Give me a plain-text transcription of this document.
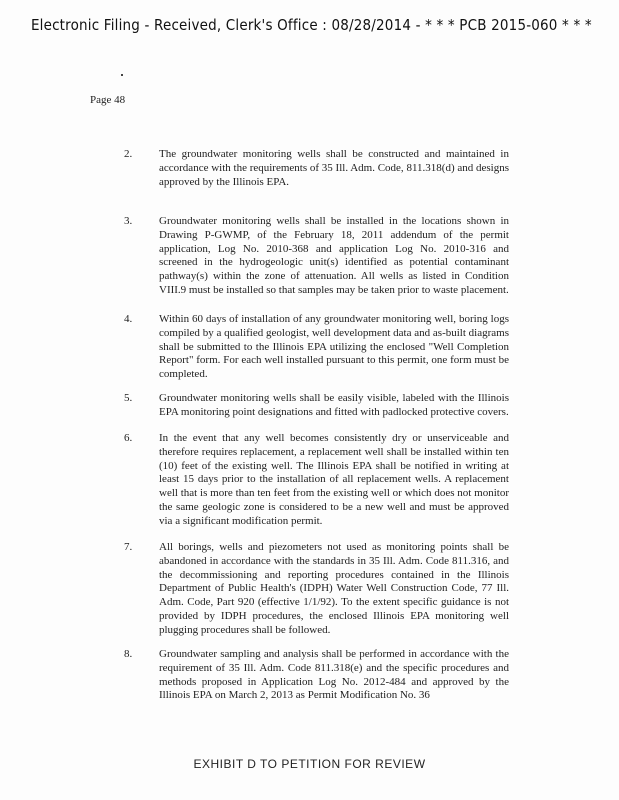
Electronic Filing - Received, Clerk's Office : 08/28/2014 - * * * PCB 2015-060 * * *
Page 48
2.	The groundwater monitoring wells shall be constructed and maintained in accordance with the requirements of 35 Ill. Adm. Code, 811.318(d) and designs approved by the Illinois EPA.
3.	Groundwater monitoring wells shall be installed in the locations shown in Drawing P-GWMP, of the February 18, 2011 addendum of the permit application, Log No. 2010-368 and application Log No. 2010-316 and screened in the hydrogeologic unit(s) identified as potential contaminant pathway(s) within the zone of attenuation. All wells as listed in Condition VIII.9 must be installed so that samples may be taken prior to waste placement.
4.	Within 60 days of installation of any groundwater monitoring well, boring logs compiled by a qualified geologist, well development data and as-built diagrams shall be submitted to the Illinois EPA utilizing the enclosed "Well Completion Report" form. For each well installed pursuant to this permit, one form must be completed.
5.	Groundwater monitoring wells shall be easily visible, labeled with the Illinois EPA monitoring point designations and fitted with padlocked protective covers.
6.	In the event that any well becomes consistently dry or unserviceable and therefore requires replacement, a replacement well shall be installed within ten (10) feet of the existing well. The Illinois EPA shall be notified in writing at least 15 days prior to the installation of all replacement wells. A replacement well that is more than ten feet from the existing well or which does not monitor the same geologic zone is considered to be a new well and must be approved via a significant modification permit.
7.	All borings, wells and piezometers not used as monitoring points shall be abandoned in accordance with the standards in 35 Ill. Adm. Code 811.316, and the decommissioning and reporting procedures contained in the Illinois Department of Public Health's (IDPH) Water Well Construction Code, 77 Ill. Adm. Code, Part 920 (effective 1/1/92). To the extent specific guidance is not provided by IDPH procedures, the enclosed Illinois EPA monitoring well plugging procedures shall be followed.
8.	Groundwater sampling and analysis shall be performed in accordance with the requirement of 35 Ill. Adm. Code 811.318(e) and the specific procedures and methods proposed in Application Log No. 2012-484 and approved by the Illinois EPA on March 2, 2013 as Permit Modification No. 36
EXHIBIT D TO PETITION FOR REVIEW
